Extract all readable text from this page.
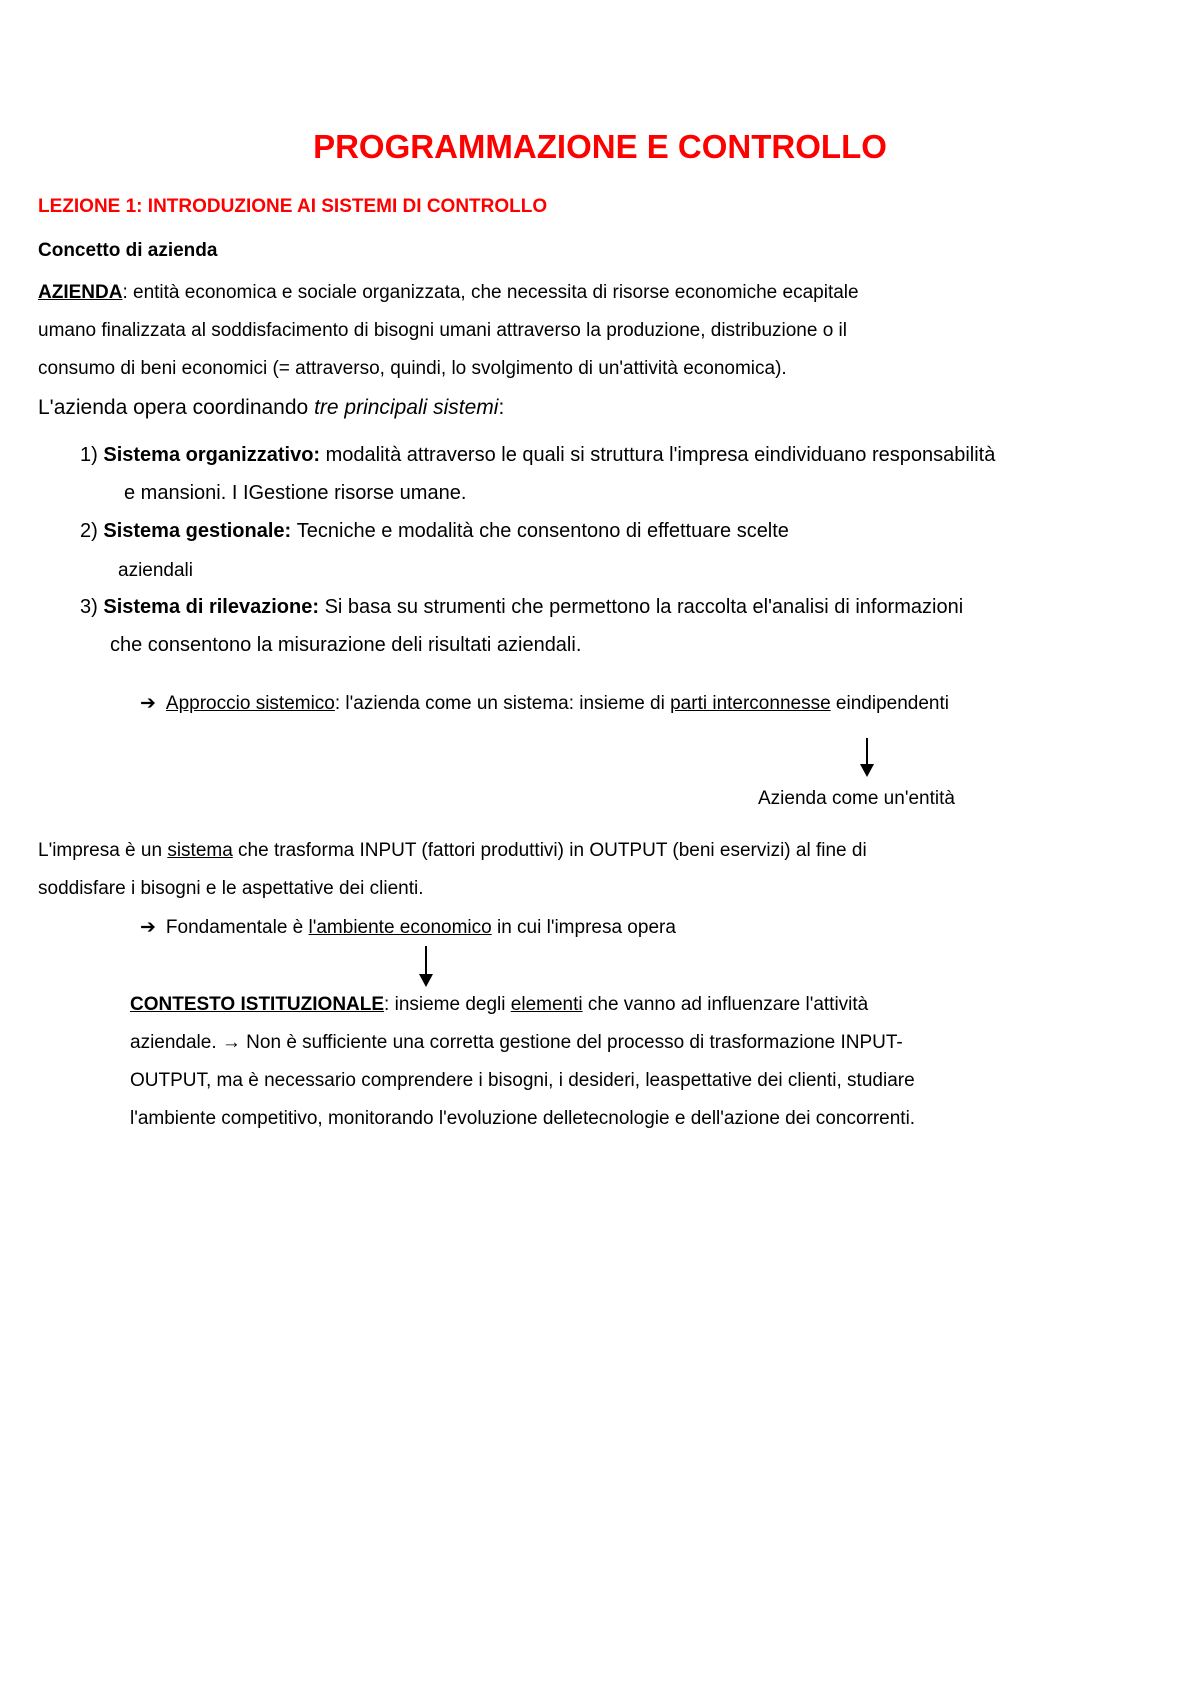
PROGRAMMAZIONE E CONTROLLO
LEZIONE 1: INTRODUZIONE AI SISTEMI DI CONTROLLO
Concetto di azienda
AZIENDA: entità economica e sociale organizzata, che necessita di risorse economiche ecapitale
umano finalizzata al soddisfacimento di bisogni umani attraverso la produzione, distribuzione o il
consumo di beni economici (= attraverso, quindi, lo svolgimento di un'attività economica).
L'azienda opera coordinando tre principali sistemi:
1) Sistema organizzativo: modalità attraverso le quali si struttura l'impresa eindividuano responsabilità
e mansioni. I IGestione risorse umane.
2) Sistema gestionale: Tecniche e modalità che consentono di effettuare scelte
aziendali
3) Sistema di rilevazione: Si basa su strumenti che permettono la raccolta el'analisi di informazioni
che consentono la misurazione deli risultati aziendali.
➔ Approccio sistemico: l'azienda come un sistema: insieme di parti interconnesse eindipendenti
Azienda come un'entità
L'impresa è un sistema che trasforma INPUT (fattori produttivi) in OUTPUT (beni eservizi) al fine di
soddisfare i bisogni e le aspettative dei clienti.
➔ Fondamentale è l'ambiente economico in cui l'impresa opera
CONTESTO ISTITUZIONALE: insieme degli elementi che vanno ad influenzare l'attività
aziendale. → Non è sufficiente una corretta gestione del processo di trasformazione INPUT-
OUTPUT, ma è necessario comprendere i bisogni, i desideri, leaspettative dei clienti, studiare
l'ambiente competitivo, monitorando l'evoluzione delletecnologie e dell'azione dei concorrenti.
